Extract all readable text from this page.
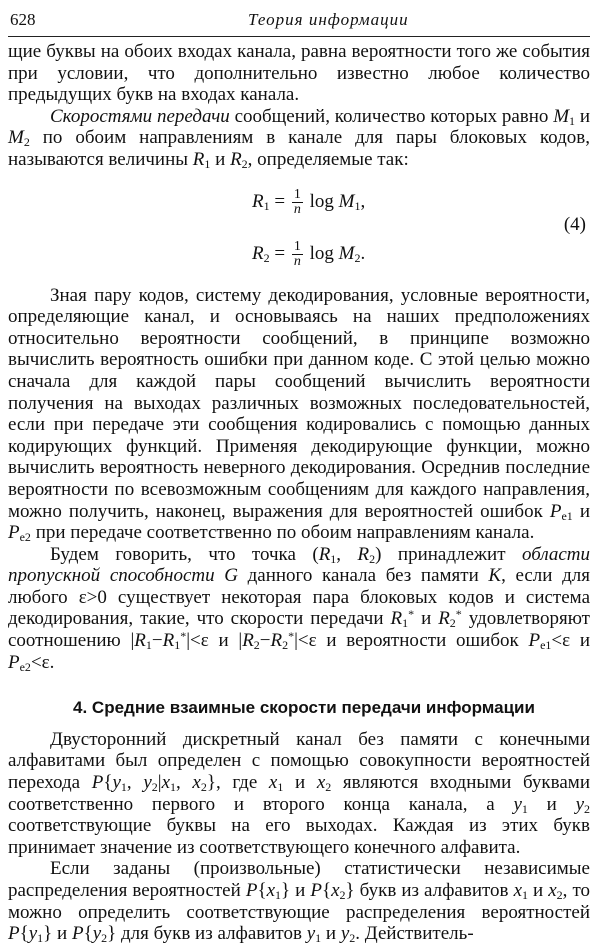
628	Теория информации

щие буквы на обоих входах канала, равна вероятности того же события при условии, что дополнительно известно любое количество предыдущих букв на входах канала.

Скоростями передачи сообщений, количество которых равно $M_1$ и $M_2$ по обоим направлениям в канале для пары блоковых кодов, называются величины $R_1$ и $R_2$, определяемые так:

$R_1 = \frac{1}{n}$ $\log M_1$,
$R_2 = \frac{1}{n}$ $\log M_2$.
(4)

Зная пару кодов, систему декодирования, условные вероятности, определяющие канал, и основываясь на наших предположениях относительно вероятности сообщений, в принципе возможно вычислить вероятность ошибки при данном коде. С этой целью можно сначала для каждой пары сообщений вычислить вероятности получения на выходах различных возможных последовательностей, если при передаче эти сообщения кодировались с помощью данных кодирующих функций. Применяя декодирующие функции, можно вычислить вероятность неверного декодирования. Осреднив последние вероятности по всевозможным сообщениям для каждого направления, можно получить, наконец, выражения для вероятностей ошибок $P_{e1}$ и $P_{e2}$ при передаче соответственно по обоим направлениям канала.

Будем говорить, что точка ($R_1$, $R_2$) принадлежит области пропускной способности G данного канала без памяти K, если для любого ε>0 существует некоторая пара блоковых кодов и система декодирования, такие, что скорости передачи $R_1^*$ и $R_2^*$ удовлетворяют соотношению $|R_1-R_1^*|<\varepsilon$ и $|R_2-R_2^*|<\varepsilon$ и вероятности ошибок $P_{e1}<\varepsilon$ и $P_{e2}<\varepsilon$.

4. Средние взаимные скорости передачи информации

Двусторонний дискретный канал без памяти с конечными алфавитами был определен с помощью совокупности вероятностей перехода $P\{y_1$, $y_2|x_1$, $x_2$}, где $x_1$ и $x_2$ являются входными буквами соответственно первого и второго конца канала, а $y_1$ и $y_2$ соответствующие буквы на его выходах. Каждая из этих букв принимает значение из соответствующего конечного алфавита.

Если заданы (произвольные) статистически независимые распределения вероятностей $P\{x_1\}$ и $P\{x_2\}$ букв из алфавитов $x_1$ и $x_2$, то можно определить соответствующие распределения вероятностей $P\{y_1\}$ и $P\{y_2\}$ для букв из алфавитов $y_1$ и $y_2$. Действитель-
